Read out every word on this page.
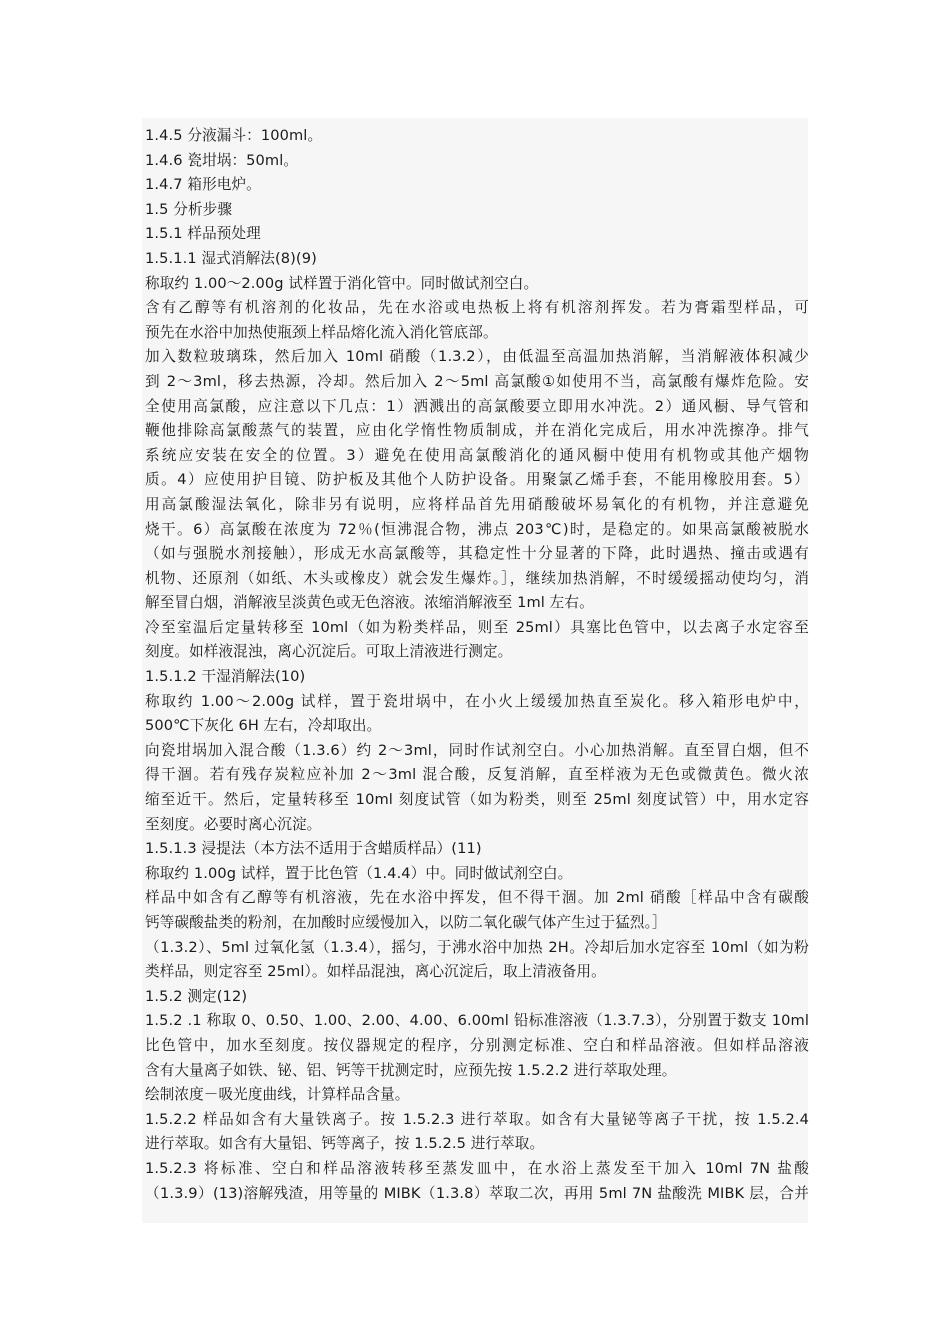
1.4.5 分液漏斗：100ml。
1.4.6 瓷坩埚：50ml。
1.4.7 箱形电炉。
1.5 分析步骤
1.5.1 样品预处理
1.5.1.1 湿式消解法(8)(9)
称取约 1.00～2.00g 试样置于消化管中。同时做试剂空白。
含有乙醇等有机溶剂的化妆品，先在水浴或电热板上将有机溶剂挥发。若为膏霜型样品，可
预先在水浴中加热使瓶颈上样品熔化流入消化管底部。
加入数粒玻璃珠，然后加入 10ml 硝酸（1.3.2），由低温至高温加热消解，当消解液体积减少
到 2～3ml，移去热源，冷却。然后加入 2～5ml 高氯酸①如使用不当，高氯酸有爆炸危险。安
全使用高氯酸，应注意以下几点：1）洒溅出的高氯酸要立即用水冲洗。2）通风橱、导气管和
鞭他排除高氯酸蒸气的装置，应由化学惰性物质制成，并在消化完成后，用水冲洗擦净。排气
系统应安装在安全的位置。3）避免在使用高氯酸消化的通风橱中使用有机物或其他产烟物
质。4）应使用护目镜、防护板及其他个人防护设备。用聚氯乙烯手套，不能用橡胶用套。5）
用高氯酸湿法氧化，除非另有说明，应将样品首先用硝酸破坏易氧化的有机物，并注意避免
烧干。6）高氯酸在浓度为 72％(恒沸混合物，沸点 203℃)时，是稳定的。如果高氯酸被脱水
（如与强脱水剂接触），形成无水高氯酸等，其稳定性十分显著的下降，此时遇热、撞击或遇有
机物、还原剂（如纸、木头或橡皮）就会发生爆炸。］，继续加热消解，不时缓缓摇动使均匀，消
解至冒白烟，消解液呈淡黄色或无色溶液。浓缩消解液至 1ml 左右。
冷至室温后定量转移至 10ml（如为粉类样品，则至 25ml）具塞比色管中，以去离子水定容至
刻度。如样液混浊，离心沉淀后。可取上清液进行测定。
1.5.1.2 干湿消解法(10)
称取约 1.00～2.00g 试样，置于瓷坩埚中，在小火上缓缓加热直至炭化。移入箱形电炉中，
500℃下灰化 6H 左右，冷却取出。
向瓷坩埚加入混合酸（1.3.6）约 2～3ml，同时作试剂空白。小心加热消解。直至冒白烟，但不
得干涸。若有残存炭粒应补加 2～3ml 混合酸，反复消解，直至样液为无色或微黄色。微火浓
缩至近干。然后，定量转移至 10ml 刻度试管（如为粉类，则至 25ml 刻度试管）中，用水定容
至刻度。必要时离心沉淀。
1.5.1.3 浸提法（本方法不适用于含蜡质样品）(11)
称取约 1.00g 试样，置于比色管（1.4.4）中。同时做试剂空白。
样品中如含有乙醇等有机溶液，先在水浴中挥发，但不得干涸。加 2ml 硝酸［样品中含有碳酸
钙等碳酸盐类的粉剂，在加酸时应缓慢加入，以防二氧化碳气体产生过于猛烈。］
（1.3.2）、5ml 过氧化氢（1.3.4），摇匀，于沸水浴中加热 2H。冷却后加水定容至 10ml（如为粉
类样品，则定容至 25ml）。如样品混浊，离心沉淀后，取上清液备用。
1.5.2 测定(12)
1.5.2 .1 称取 0、0.50、1.00、2.00、4.00、6.00ml 铅标准溶液（1.3.7.3），分别置于数支 10ml
比色管中，加水至刻度。按仪器规定的程序，分别测定标准、空白和样品溶液。但如样品溶液
含有大量离子如铁、铋、铝、钙等干扰测定时，应预先按 1.5.2.2 进行萃取处理。
绘制浓度－吸光度曲线，计算样品含量。
1.5.2.2 样品如含有大量铁离子。按 1.5.2.3 进行萃取。如含有大量铋等离子干扰，按 1.5.2.4
进行萃取。如含有大量铝、钙等离子，按 1.5.2.5 进行萃取。
1.5.2.3 将标准、空白和样品溶液转移至蒸发皿中，在水浴上蒸发至干加入 10ml 7N 盐酸
（1.3.9）(13)溶解残渣，用等量的 MIBK（1.3.8）萃取二次，再用 5ml 7N 盐酸洗 MIBK 层，合并
